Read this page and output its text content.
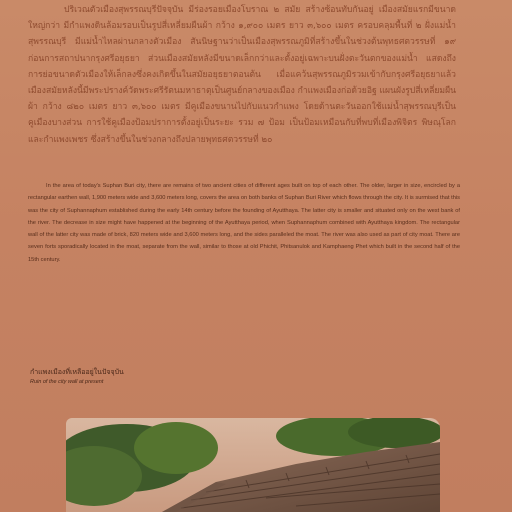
ปริเวณตัวเมืองสุพรรณบุรีปัจจุบัน มีร่องรอยเมืองโบราณ ๒ สมัย สร้างซ้อนทับกันอยู่ เมืองสมัยแรกมีขนาดใหญ่กว่า มีกำแพงดินล้อมรอบเป็นรูปสี่เหลี่ยมผืนผ้า กว้าง ๑,๙๐๐ เมตร ยาว ๓,๖๐๐ เมตร ครอบคลุมพื้นที่ ๒ ฝั่งแม่น้ำสุพรรณบุรี มีแม่น้ำไหลผ่านกลางตัวเมือง สันนิษฐานว่าเป็นเมืองสุพรรณภูมิที่สร้างขึ้นในช่วงต้นพุทธศตวรรษที่ ๑๙ ก่อนการสถาปนากรุงศรีอยุธยา ส่วนเมืองสมัยหลังมีขนาดเล็กกว่าและตั้งอยู่เฉพาะบนฝั่งตะวันตกของแม่น้ำ แสดงถึงการย่อขนาดตัวเมืองให้เล็กลงซึ่งคงเกิดขึ้นในสมัยอยุธยาตอนต้น เมื่อแคว้นสุพรรณภูมิรวมเข้ากับกรุงศรีอยุธยาแล้ว เมืองสมัยหลังนี้มีพระปรางค์วัดพระศรีรัตนมหาธาตุเป็นศูนย์กลางของเมือง กำแพงเมืองก่อด้วยอิฐ แผนผังรูปสี่เหลี่ยมผืนผ้า กว้าง ๘๒๐ เมตร ยาว ๓,๖๐๐ เมตร มีคูเมืองขนานไปกับแนวกำแพง โดยด้านตะวันออกใช้แม่น้ำสุพรรณบุรีเป็นคูเมืองบางส่วน การใช้คูเมืองป้อมปราการตั้งอยู่เป็นระยะ รวม ๗ ป้อม เป็นป้อมเหมือนกับที่พบที่เมืองพิจิตร พิษณุโลก และกำแพงเพชร ซึ่งสร้างขึ้นในช่วงกลางถึงปลายพุทธศตวรรษที่ ๒๐

In the area of today's Suphan Buri city, there are remains of two ancient cities of different ages built on top of each other. The older, larger in size, encircled by a rectangular earthen wall, 1,900 meters wide and 3,600 meters long, covers the area on both banks of Suphan Buri River which flows through the city. It is surmised that this was the city of Suphannaphum established during the early 14th century before the founding of Ayutthaya. The latter city is smaller and situated only on the west bank of the river. The decrease in size might have happened at the beginning of the Ayutthaya period, when Suphannaphum combined with Ayutthaya kingdom. The rectangular wall of the latter city was made of brick, 820 meters wide and 3,600 meters long, and the sides paralleled the moat. The river was also used as part of city moat. There are seven forts sporadically located in the moat, separate from the wall, similar to those at old Phichit, Phitsanulok and Kamphaeng Phet which built in the second half of the 15th century.

กำแพงเมืองที่เหลืออยู่ในปัจจุบัน
Ruin of the city wall at present
